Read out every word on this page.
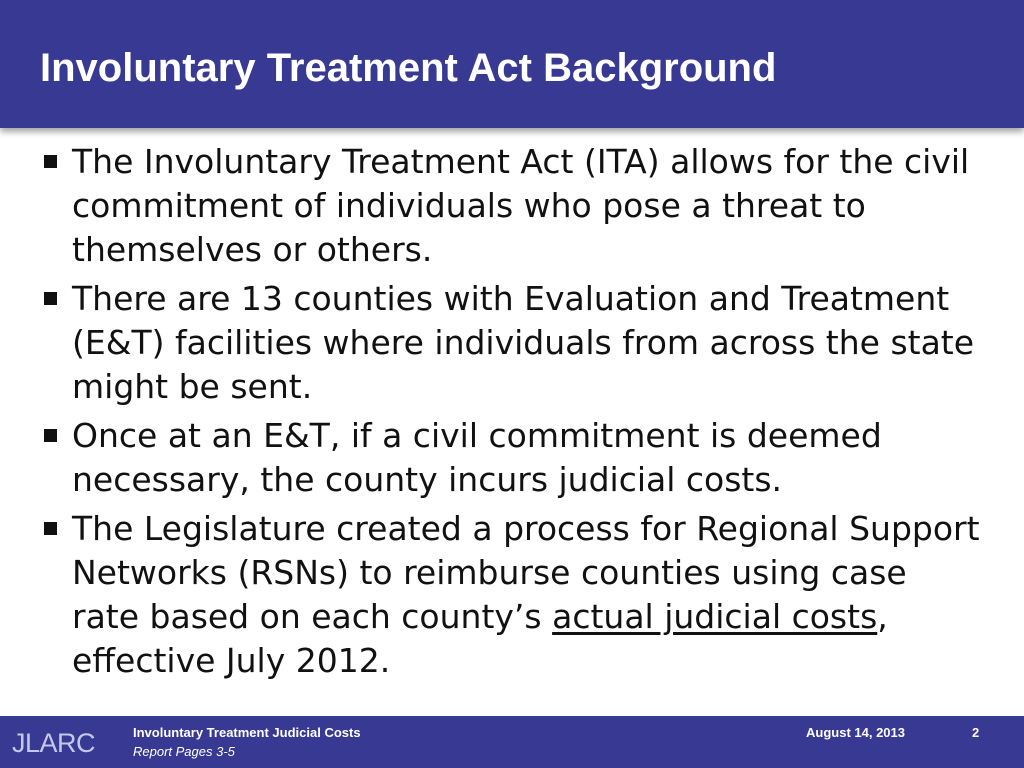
Involuntary Treatment Act Background
The Involuntary Treatment Act (ITA) allows for the civil commitment of individuals who pose a threat to themselves or others.
There are 13 counties with Evaluation and Treatment (E&T) facilities where individuals from across the state might be sent.
Once at an E&T, if a civil commitment is deemed necessary, the county incurs judicial costs.
The Legislature created a process for Regional Support Networks (RSNs) to reimburse counties using case rate based on each county’s actual judicial costs, effective July 2012.
JLARC	Involuntary Treatment Judicial Costs
Report Pages 3-5
August 14, 2013	2
